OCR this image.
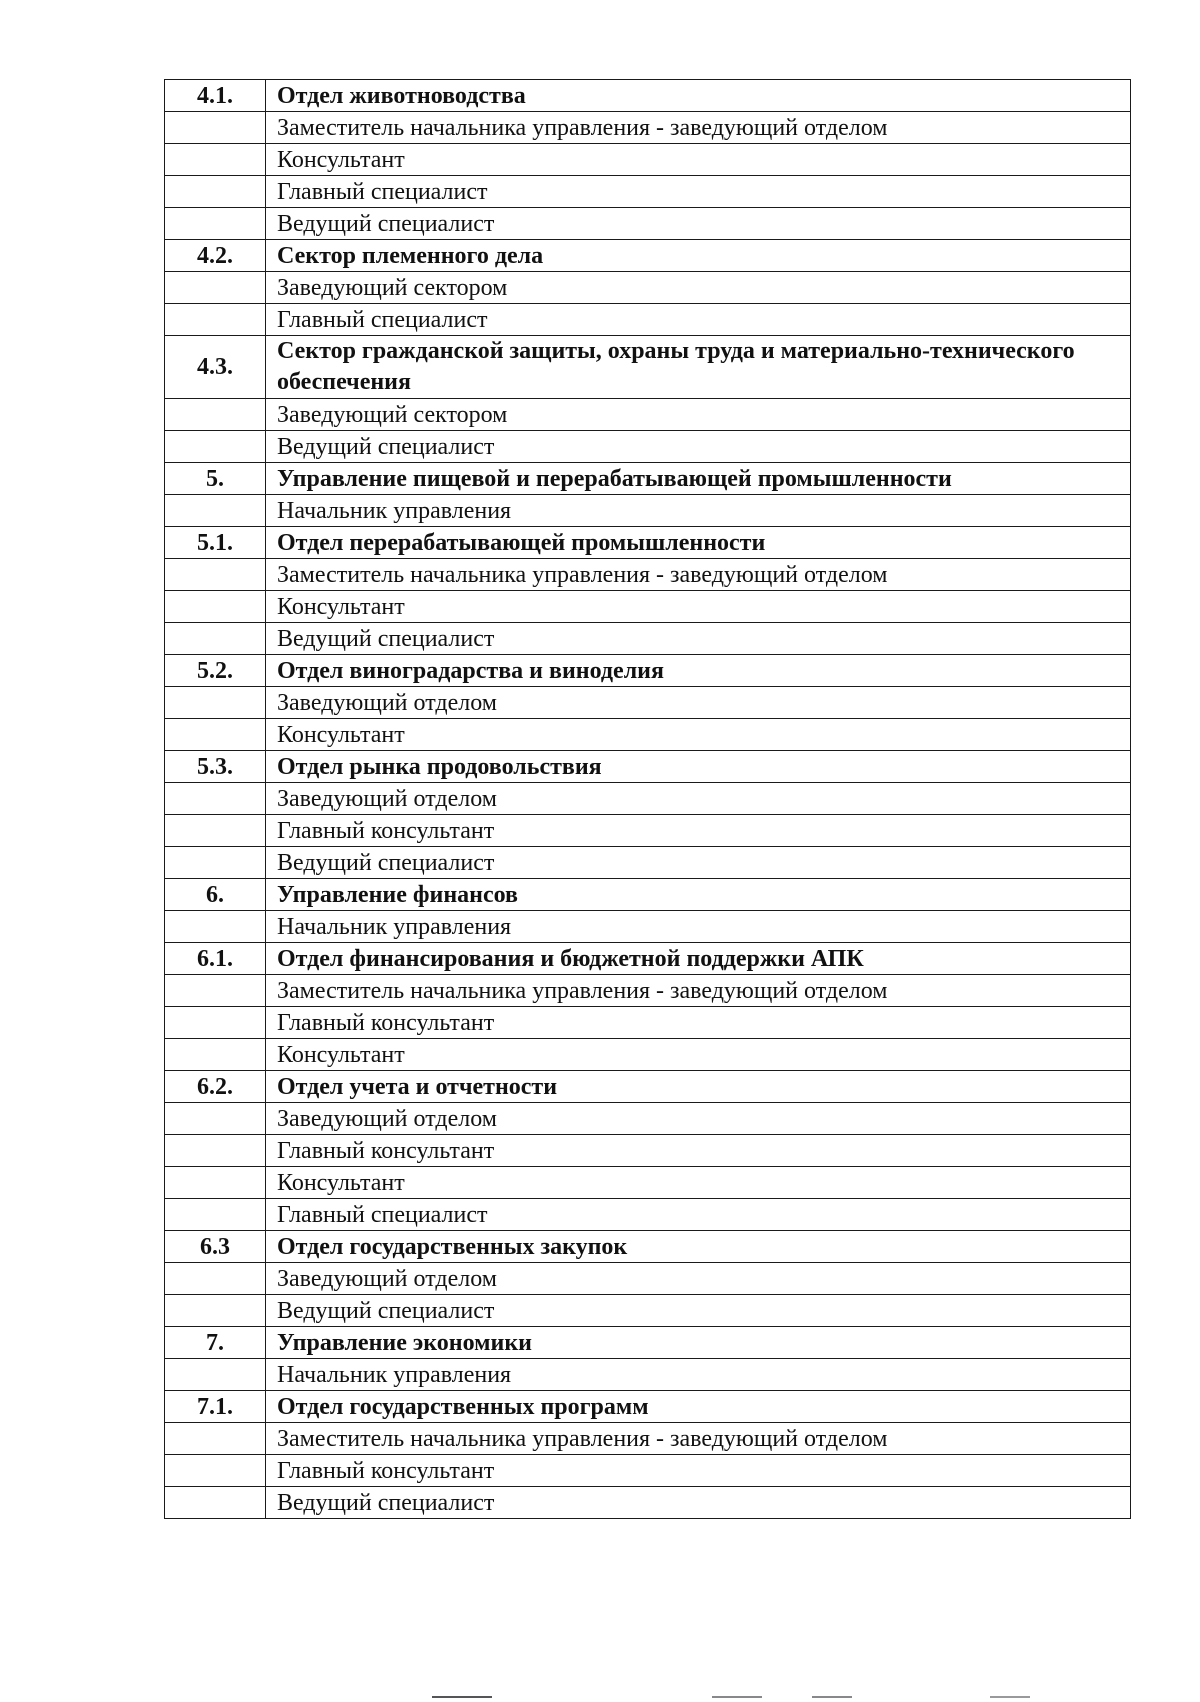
4.1.	Отдел животноводства
	Заместитель начальника управления - заведующий отделом
	Консультант
	Главный специалист
	Ведущий специалист
4.2.	Сектор племенного дела
	Заведующий сектором
	Главный специалист
4.3.	Сектор гражданской защиты, охраны труда и материально-технического обеспечения
	Заведующий сектором
	Ведущий специалист
5.	Управление пищевой и перерабатывающей промышленности
	Начальник управления
5.1.	Отдел перерабатывающей промышленности
	Заместитель начальника управления - заведующий отделом
	Консультант
	Ведущий специалист
5.2.	Отдел виноградарства и виноделия
	Заведующий отделом
	Консультант
5.3.	Отдел рынка продовольствия
	Заведующий отделом
	Главный консультант
	Ведущий специалист
6.	Управление финансов
	Начальник управления
6.1.	Отдел финансирования и бюджетной поддержки АПК
	Заместитель начальника управления - заведующий отделом
	Главный консультант
	Консультант
6.2.	Отдел учета и отчетности
	Заведующий отделом
	Главный консультант
	Консультант
	Главный специалист
6.3	Отдел государственных закупок
	Заведующий отделом
	Ведущий специалист
7.	Управление экономики
	Начальник управления
7.1.	Отдел государственных программ
	Заместитель начальника управления - заведующий отделом
	Главный консультант
	Ведущий специалист
